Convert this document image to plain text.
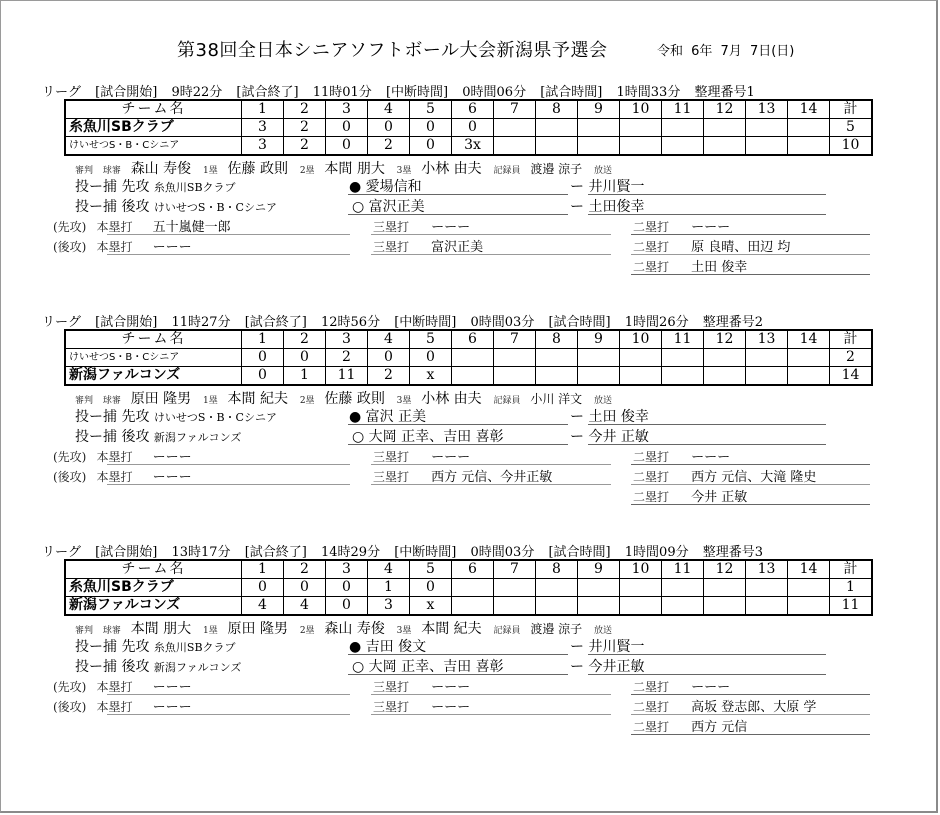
第38回全日本シニアソフトボール大会新潟県予選会	令和 6年 7月 7日(日)
リーグ [試合開始] 9時22分 [試合終了] 11時01分 [中断時間] 0時間06分 [試合時間] 1時間33分 整理番号1
チーム名	1	2	3	4	5	6	7	8	9	10	11	12	13	14	計
糸魚川SBクラブ	3	2	0	0	0	0									5
けいせつS・B・Cシニア	3	2	0	2	0	3x									10
審判 球審 森山 寿俊 1塁 佐藤 政則 2塁 本間 朋大 3塁 小林 由夫 記録員 渡邉 涼子 放送
投ー捕 先攻 糸魚川SBクラブ	● 愛場信和	ー 井川賢一
投ー捕 後攻 けいせつS・B・Cシニア	○ 富沢正美	ー 土田俊幸
(先攻) 本塁打 五十嵐健一郎	三塁打 ーーー
(後攻) 本塁打 ーーー	三塁打 富沢正美
二塁打 ーーー
二塁打 原 良晴、田辺 均
二塁打 土田 俊幸
リーグ [試合開始] 11時27分 [試合終了] 12時56分 [中断時間] 0時間03分 [試合時間] 1時間26分 整理番号2
チーム名	1	2	3	4	5	6	7	8	9	10	11	12	13	14	計
けいせつS・B・Cシニア	0	0	2	0	0										2
新潟ファルコンズ	0	1	11	2	x										14
審判 球審 原田 隆男 1塁 本間 紀夫 2塁 佐藤 政則 3塁 小林 由夫 記録員 小川 洋文 放送
投ー捕 先攻 けいせつS・B・Cシニア	● 富沢 正美	ー 土田 俊幸
投ー捕 後攻 新潟ファルコンズ	○ 大岡 正幸、吉田 喜彰	ー 今井 正敏
(先攻) 本塁打 ーーー	三塁打 ーーー
(後攻) 本塁打 ーーー	三塁打 西方 元信、今井正敏
二塁打 ーーー
二塁打 西方 元信、大滝 隆史
二塁打 今井 正敏
リーグ [試合開始] 13時17分 [試合終了] 14時29分 [中断時間] 0時間03分 [試合時間] 1時間09分 整理番号3
チーム名	1	2	3	4	5	6	7	8	9	10	11	12	13	14	計
糸魚川SBクラブ	0	0	0	1	0										1
新潟ファルコンズ	4	4	0	3	x										11
審判 球審 本間 朋大 1塁 原田 隆男 2塁 森山 寿俊 3塁 本間 紀夫 記録員 渡邉 涼子 放送
投ー捕 先攻 糸魚川SBクラブ	● 吉田 俊文	ー 井川賢一
投ー捕 後攻 新潟ファルコンズ	○ 大岡 正幸、吉田 喜彰	ー 今井正敏
(先攻) 本塁打 ーーー	三塁打 ーーー
(後攻) 本塁打 ーーー	三塁打 ーーー
二塁打 ーーー
二塁打 高坂 登志郎、大原 学
二塁打 西方 元信
